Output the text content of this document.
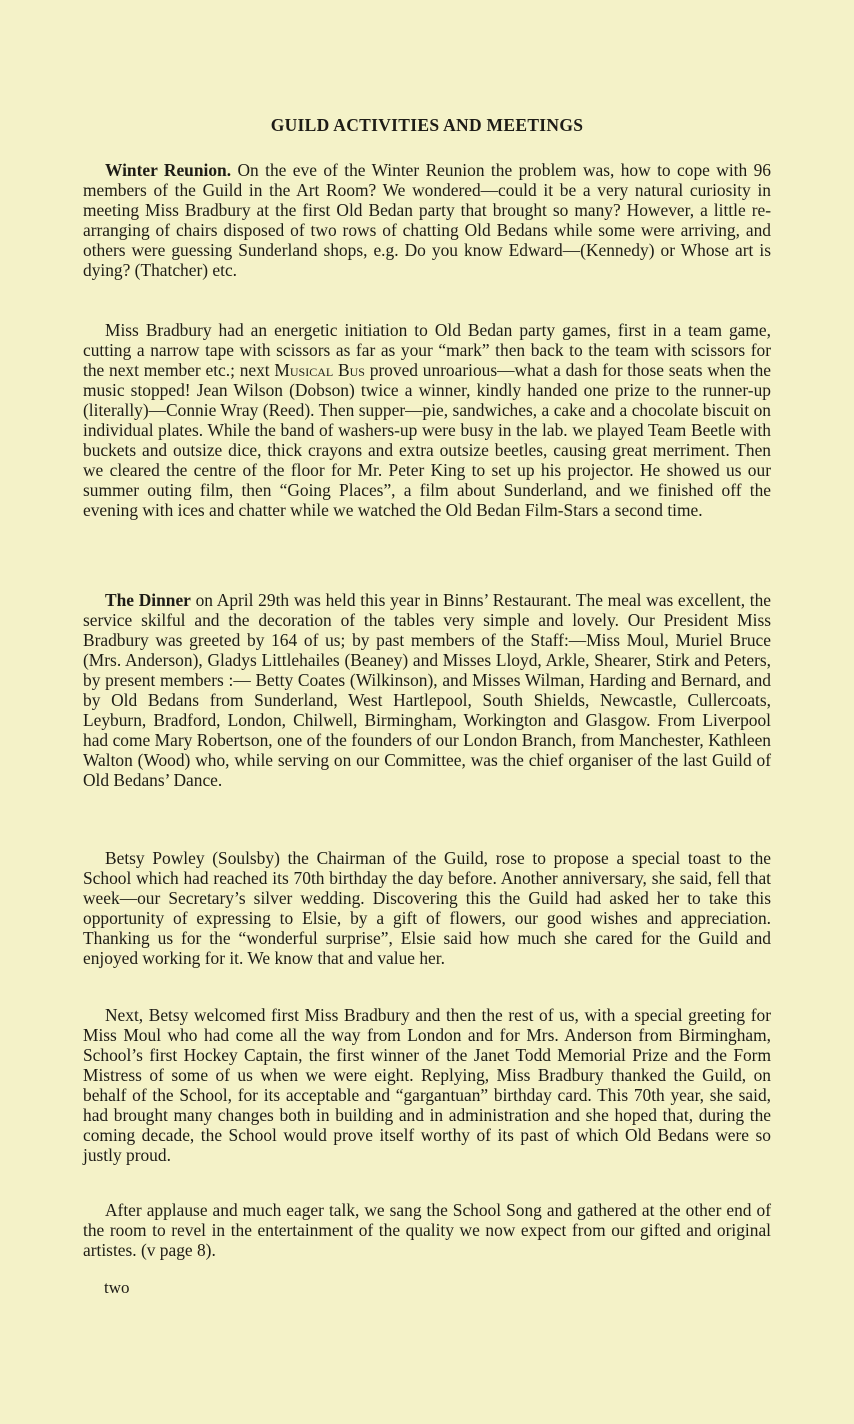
GUILD ACTIVITIES AND MEETINGS

Winter Reunion. On the eve of the Winter Reunion the problem was, how to cope with 96 members of the Guild in the Art Room? We wondered—could it be a very natural curiosity in meeting Miss Bradbury at the first Old Bedan party that brought so many? However, a little re-arranging of chairs disposed of two rows of chatting Old Bedans while some were arriving, and others were guessing Sunderland shops, e.g. Do you know Edward—(Kennedy) or Whose art is dying? (Thatcher) etc.

Miss Bradbury had an energetic initiation to Old Bedan party games, first in a team game, cutting a narrow tape with scissors as far as your “mark” then back to the team with scissors for the next member etc.; next Musical Bus proved unroarious—what a dash for those seats when the music stopped! Jean Wilson (Dobson) twice a winner, kindly handed one prize to the runner-up (literally)—Connie Wray (Reed). Then supper—pie, sandwiches, a cake and a chocolate biscuit on individual plates. While the band of washers-up were busy in the lab. we played Team Beetle with buckets and outsize dice, thick crayons and extra outsize beetles, causing great merriment. Then we cleared the centre of the floor for Mr. Peter King to set up his projector. He showed us our summer outing film, then “Going Places”, a film about Sunderland, and we finished off the evening with ices and chatter while we watched the Old Bedan Film-Stars a second time.

The Dinner on April 29th was held this year in Binns’ Restaurant. The meal was excellent, the service skilful and the decoration of the tables very simple and lovely. Our President Miss Bradbury was greeted by 164 of us; by past members of the Staff:—Miss Moul, Muriel Bruce (Mrs. Anderson), Gladys Littlehailes (Beaney) and Misses Lloyd, Arkle, Shearer, Stirk and Peters, by present members :— Betty Coates (Wilkinson), and Misses Wilman, Harding and Bernard, and by Old Bedans from Sunderland, West Hartlepool, South Shields, Newcastle, Cullercoats, Leyburn, Bradford, London, Chilwell, Birmingham, Workington and Glasgow. From Liverpool had come Mary Robertson, one of the founders of our London Branch, from Manchester, Kathleen Walton (Wood) who, while serving on our Committee, was the chief organiser of the last Guild of Old Bedans’ Dance.

Betsy Powley (Soulsby) the Chairman of the Guild, rose to propose a special toast to the School which had reached its 70th birthday the day before. Another anniversary, she said, fell that week—our Secretary’s silver wedding. Discovering this the Guild had asked her to take this opportunity of expressing to Elsie, by a gift of flowers, our good wishes and appreciation. Thanking us for the “wonderful surprise”, Elsie said how much she cared for the Guild and enjoyed working for it. We know that and value her.

Next, Betsy welcomed first Miss Bradbury and then the rest of us, with a special greeting for Miss Moul who had come all the way from London and for Mrs. Anderson from Birmingham, School’s first Hockey Captain, the first winner of the Janet Todd Memorial Prize and the Form Mistress of some of us when we were eight. Replying, Miss Bradbury thanked the Guild, on behalf of the School, for its acceptable and “gargantuan” birthday card. This 70th year, she said, had brought many changes both in building and in administration and she hoped that, during the coming decade, the School would prove itself worthy of its past of which Old Bedans were so justly proud.

After applause and much eager talk, we sang the School Song and gathered at the other end of the room to revel in the entertainment of the quality we now expect from our gifted and original artistes. (v page 8).

two
